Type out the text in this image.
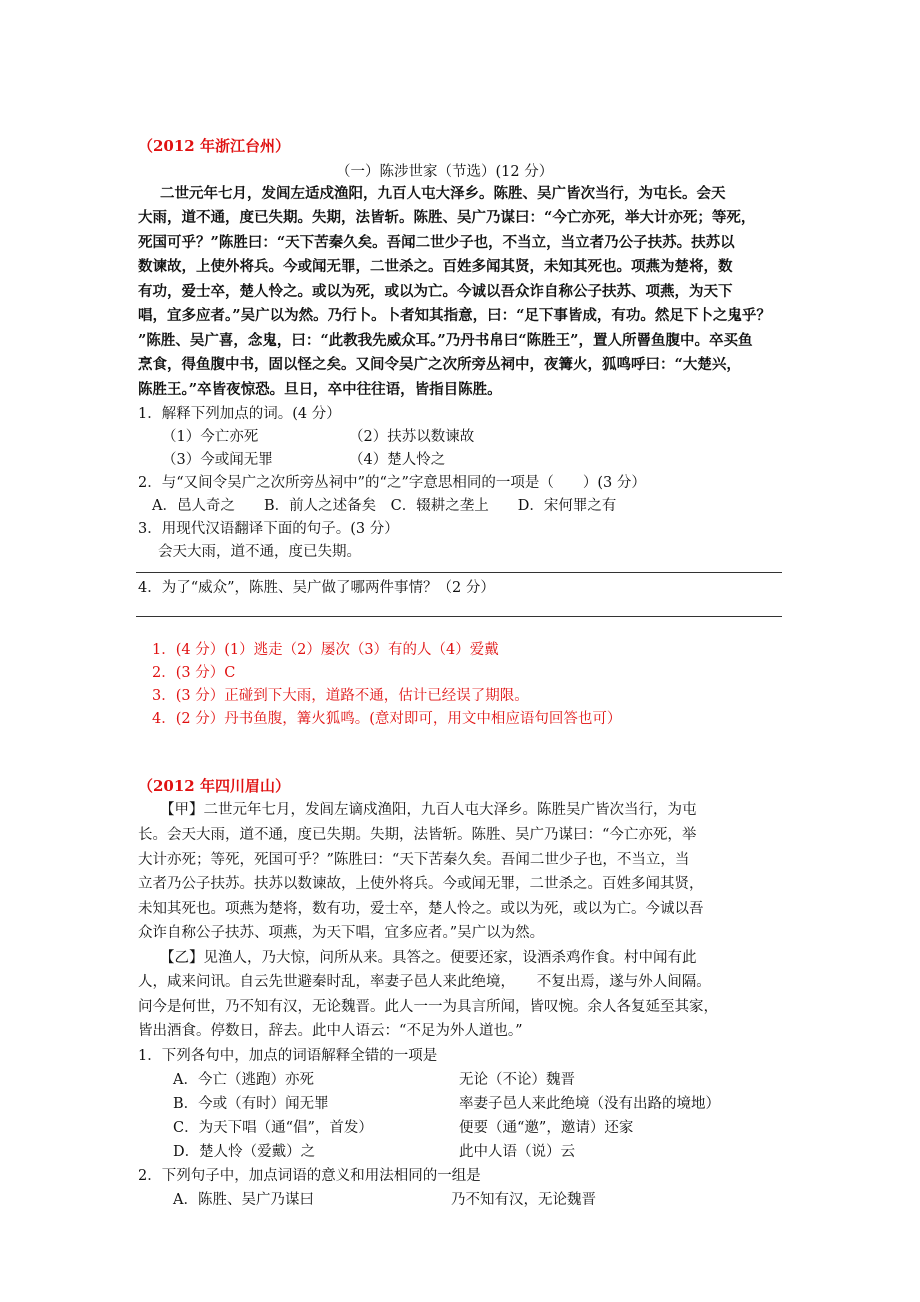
（2012 年浙江台州）
（一）陈涉世家（节选）(12 分）
二世元年七月，发闾左适戍渔阳，九百人屯大泽乡。陈胜、吴广皆次当行，为屯长。会天
大雨，道不通，度已失期。失期，法皆斩。陈胜、吴广乃谋曰：“今亡亦死，举大计亦死；等死，
死国可乎？”陈胜曰：“天下苦秦久矣。吾闻二世少子也，不当立，当立者乃公子扶苏。扶苏以
数谏故，上使外将兵。今或闻无罪，二世杀之。百姓多闻其贤，未知其死也。项燕为楚将，数
有功，爱士卒，楚人怜之。或以为死，或以为亡。今诚以吾众诈自称公子扶苏、项燕，为天下
唱，宜多应者。”吴广以为然。乃行卜。卜者知其指意，曰：“足下事皆成，有功。然足下卜之鬼乎？
”陈胜、吴广喜，念鬼，曰：“此教我先威众耳。”乃丹书帛曰“陈胜王”，置人所罾鱼腹中。卒买鱼
烹食，得鱼腹中书，固以怪之矣。又间令吴广之次所旁丛祠中，夜篝火，狐鸣呼曰：“大楚兴，
陈胜王。”卒皆夜惊恐。旦日，卒中往往语，皆指目陈胜。
1．解释下列加点的词。(4 分）
（1）今亡亦死	（2）扶苏以数谏故
（3）今或闻无罪	（4）楚人怜之
2．与“又间令吴广之次所旁丛祠中”的“之”字意思相同的一项是（　　）(3 分）
A．邑人奇之　　B．前人之述备矣　C．辍耕之垄上　　D．宋何罪之有
3．用现代汉语翻译下面的句子。(3 分）
会天大雨，道不通，度已失期。
4．为了“威众”，陈胜、吴广做了哪两件事情？（2 分）
1．(4 分）(1）逃走（2）屡次（3）有的人（4）爱戴
2．(3 分）C
3．(3 分）正碰到下大雨，道路不通，估计已经误了期限。
4．(2 分）丹书鱼腹，篝火狐鸣。(意对即可，用文中相应语句回答也可）
（2012 年四川眉山）
【甲】二世元年七月，发闾左谪戍渔阳，九百人屯大泽乡。陈胜吴广皆次当行，为屯
长。会天大雨，道不通，度已失期。失期，法皆斩。陈胜、吴广乃谋曰：“今亡亦死，举
大计亦死；等死，死国可乎？”陈胜曰：“天下苦秦久矣。吾闻二世少子也，不当立，当
立者乃公子扶苏。扶苏以数谏故，上使外将兵。今或闻无罪，二世杀之。百姓多闻其贤，
未知其死也。项燕为楚将，数有功，爱士卒，楚人怜之。或以为死，或以为亡。今诚以吾
众诈自称公子扶苏、项燕，为天下唱，宜多应者。”吴广以为然。
【乙】见渔人，乃大惊，问所从来。具答之。便要还家，设酒杀鸡作食。村中闻有此
人，咸来问讯。自云先世避秦时乱，率妻子邑人来此绝境，　　不复出焉，遂与外人间隔。
问今是何世，乃不知有汉，无论魏晋。此人一一为具言所闻，皆叹惋。余人各复延至其家，
皆出酒食。停数日，辞去。此中人语云：“不足为外人道也。”
1．下列各句中，加点的词语解释全错的一项是
A．今亡（逃跑）亦死	无论（不论）魏晋
B．今或（有时）闻无罪	率妻子邑人来此绝境（没有出路的境地）
C．为天下唱（通“倡”，首发）	便要（通“邀”，邀请）还家
D．楚人怜（爱戴）之	此中人语（说）云
2．下列句子中，加点词语的意义和用法相同的一组是
A．陈胜、吴广乃谋曰	乃不知有汉，无论魏晋
